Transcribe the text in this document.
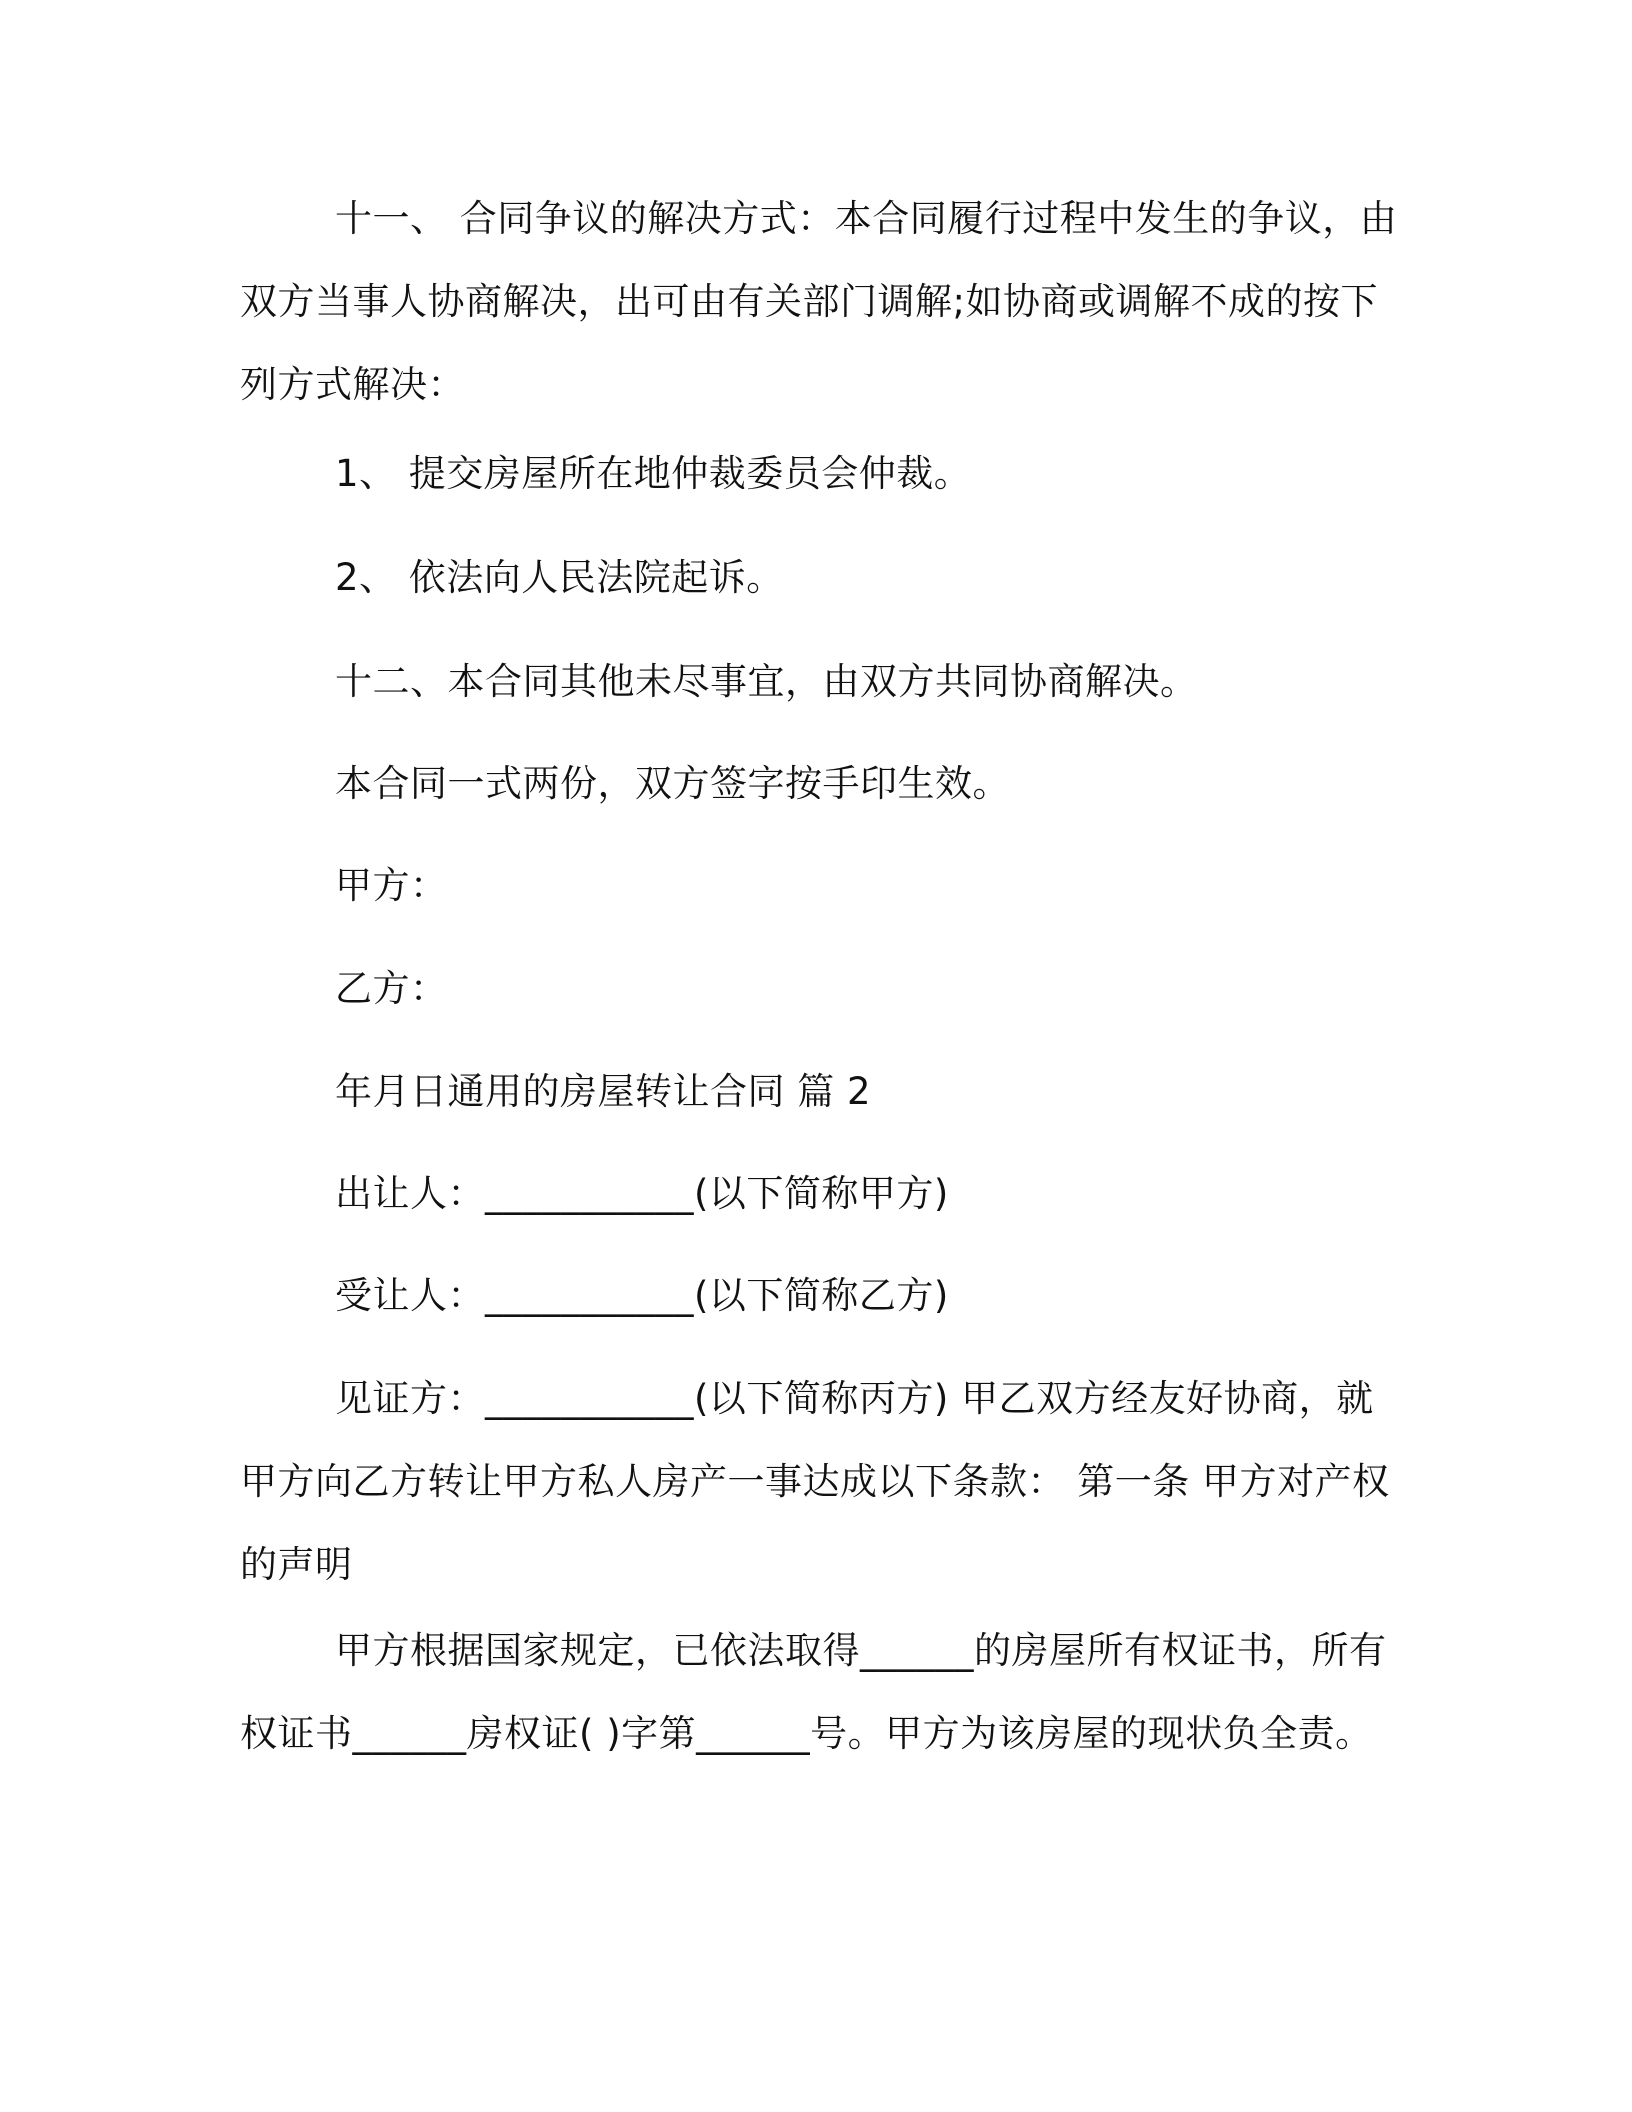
十一、 合同争议的解决方式：本合同履行过程中发生的争议，由双方当事人协商解决，出可由有关部门调解;如协商或调解不成的按下列方式解决：

1、 提交房屋所在地仲裁委员会仲裁。

2、 依法向人民法院起诉。

十二、本合同其他未尽事宜，由双方共同协商解决。

本合同一式两份，双方签字按手印生效。

甲方：

乙方：

年月日通用的房屋转让合同 篇 2

出让人：___________(以下简称甲方)

受让人：___________(以下简称乙方)

见证方：___________(以下简称丙方) 甲乙双方经友好协商，就甲方向乙方转让甲方私人房产一事达成以下条款： 第一条 甲方对产权的声明

甲方根据国家规定，已依法取得______的房屋所有权证书，所有权证书______房权证( )字第______号。甲方为该房屋的现状负全责。
